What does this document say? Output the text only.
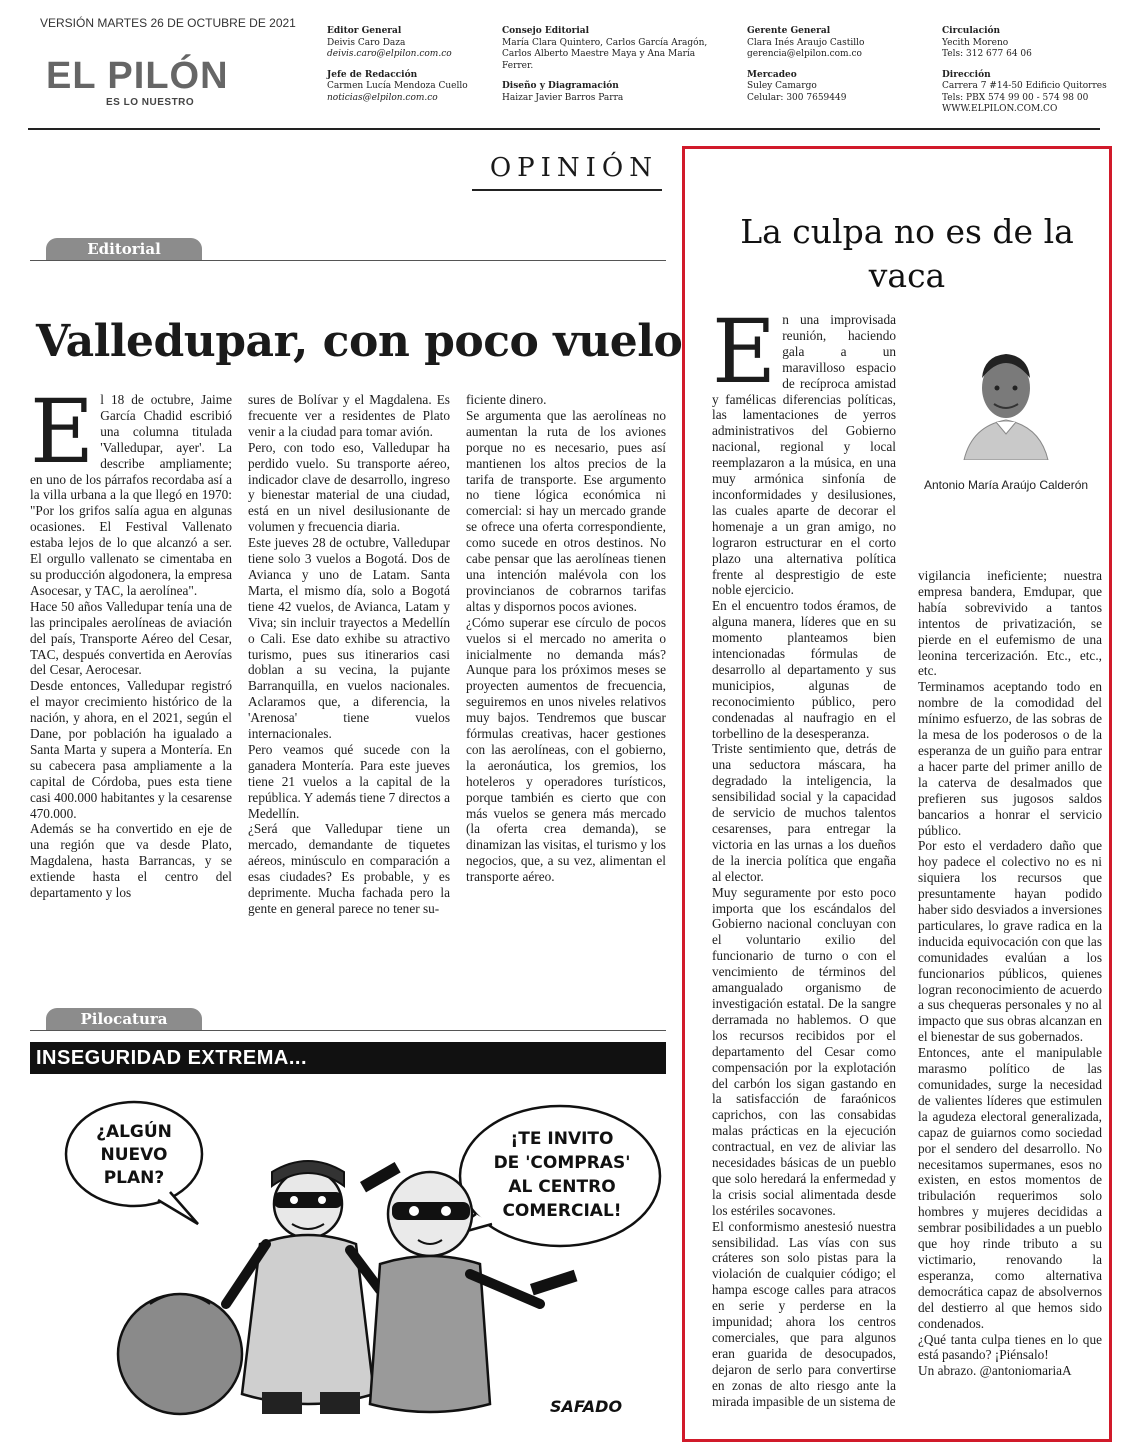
VERSIÓN MARTES 26 DE OCTUBRE DE 2021
EL PILÓN
ES LO NUESTRO
Editor General
Deivis Caro Daza
deivis.caro@elpilon.com.co
Jefe de Redacción
Carmen Lucía Mendoza Cuello
noticias@elpilon.com.co
Consejo Editorial
María Clara Quintero, Carlos García Aragón,
Carlos Alberto Maestre Maya y Ana María
Ferrer.
Diseño y Diagramación
Haizar Javier Barros Parra
Gerente General
Clara Inés Araujo Castillo
gerencia@elpilon.com.co
Mercadeo
Suley Camargo
Celular: 300 7659449
Circulación
Yecith Moreno
Tels: 312 677 64 06
Dirección
Carrera 7 #14-50 Edificio Quitorres
Tels: PBX 574 99 00 - 574 98 00
WWW.ELPILON.COM.CO
OPINIÓN
Editorial
Valledupar, con poco vuelo
E l 18 de octubre, Jaime García Chadid escribió una columna titulada 'Valledupar, ayer'. La describe ampliamente; en uno de los párrafos recordaba así a la villa urbana a la que llegó en 1970: "Por los grifos salía agua en algunas ocasiones. El Festival Vallenato estaba lejos de lo que alcanzó a ser. El orgullo vallenato se cimentaba en su producción algodonera, la empresa Asocesar, y TAC, la aerolínea".

Hace 50 años Valledupar tenía una de las principales aerolíneas de aviación del país, Transporte Aéreo del Cesar, TAC, después convertida en Aerovías del Cesar, Aerocesar.

Desde entonces, Valledupar registró el mayor crecimiento histórico de la nación, y ahora, en el 2021, según el Dane, por población ha igualado a Santa Marta y supera a Montería. En su cabecera pasa ampliamente a la capital de Córdoba, pues esta tiene casi 400.000 habitantes y la cesarense 470.000.

Además se ha convertido en eje de una región que va desde Plato, Magdalena, hasta Barrancas, y se extiende hasta el centro del departamento y los

sures de Bolívar y el Magdalena. Es frecuente ver a residentes de Plato venir a la ciudad para tomar avión.

Pero, con todo eso, Valledupar ha perdido vuelo. Su transporte aéreo, indicador clave de desarrollo, ingreso y bienestar material de una ciudad, está en un nivel desilusionante de volumen y frecuencia diaria.

Este jueves 28 de octubre, Valledupar tiene solo 3 vuelos a Bogotá. Dos de Avianca y uno de Latam. Santa Marta, el mismo día, solo a Bogotá tiene 42 vuelos, de Avianca, Latam y Viva; sin incluir trayectos a Medellín o Cali. Ese dato exhibe su atractivo turismo, pues sus itinerarios casi doblan a su vecina, la pujante Barranquilla, en vuelos nacionales. Aclaramos que, a diferencia, la 'Arenosa' tiene vuelos internacionales.

Pero veamos qué sucede con la ganadera Montería. Para este jueves tiene 21 vuelos a la capital de la república. Y además tiene 7 directos a Medellín.

¿Será que Valledupar tiene un mercado, demandante de tiquetes aéreos, minúsculo en comparación a esas ciudades? Es probable, y es deprimente. Mucha fachada pero la gente en general parece no tener su-

ficiente dinero.

Se argumenta que las aerolíneas no aumentan la ruta de los aviones porque no es necesario, pues así mantienen los altos precios de la tarifa de transporte. Ese argumento no tiene lógica económica ni comercial: si hay un mercado grande se ofrece una oferta correspondiente, como sucede en otros destinos. No cabe pensar que las aerolíneas tienen una intención malévola con los provincianos de cobrarnos tarifas altas y dispornos pocos aviones.

¿Cómo superar ese círculo de pocos vuelos si el mercado no amerita o inicialmente no demanda más? Aunque para los próximos meses se proyecten aumentos de frecuencia, seguiremos en unos niveles relativos muy bajos. Tendremos que buscar fórmulas creativas, hacer gestiones con las aerolíneas, con el gobierno, la aeronáutica, los gremios, los hoteleros y operadores turísticos, porque también es cierto que con más vuelos se genera más mercado (la oferta crea demanda), se dinamizan las visitas, el turismo y los negocios, que, a su vez, alimentan el transporte aéreo.

Pilocatura
INSEGURIDAD EXTREMA...
¿ALGÚN
NUEVO
PLAN?
¡TE INVITO
DE 'COMPRAS'
AL CENTRO
COMERCIAL!
SAFADO
La culpa no es de la vaca
Antonio María Araújo Calderón
E n una improvisada reunión, haciendo gala a un maravilloso espacio de recíproca amistad y famélicas diferencias políticas, las lamentaciones de yerros administrativos del Gobierno nacional, regional y local reemplazaron a la música, en una muy armónica sinfonía de inconformidades y desilusiones, las cuales aparte de decorar el homenaje a un gran amigo, no lograron estructurar en el corto plazo una alternativa política frente al desprestigio de este noble ejercicio.

En el encuentro todos éramos, de alguna manera, líderes que en su momento planteamos bien intencionadas fórmulas de desarrollo al departamento y sus municipios, algunas de reconocimiento público, pero condenadas al naufragio en el torbellino de la desesperanza.

Triste sentimiento que, detrás de una seductora máscara, ha degradado la inteligencia, la sensibilidad social y la capacidad de servicio de muchos talentos cesarenses, para entregar la victoria en las urnas a los dueños de la inercia política que engaña al elector.

Muy seguramente por esto poco importa que los escándalos del Gobierno nacional concluyan con el voluntario exilio del funcionario de turno o con el vencimiento de términos del amangualado organismo de investigación estatal. De la sangre derramada no hablemos. O que los recursos recibidos por el departamento del Cesar como compensación por la explotación del carbón los sigan gastando en la satisfacción de faraónicos caprichos, con las consabidas malas prácticas en la ejecución contractual, en vez de aliviar las necesidades básicas de un pueblo que solo heredará la enfermedad y la crisis social alimentada desde los estériles socavones.

El conformismo anestesió nuestra sensibilidad. Las vías con sus cráteres son solo pistas para la violación de cualquier código; el hampa escoge calles para atracos en serie y perderse en la impunidad; ahora los centros comerciales, que para algunos eran guarida de desocupados, dejaron de serlo para convertirse en zonas de alto riesgo ante la mirada impasible de un sistema de

vigilancia ineficiente; nuestra empresa bandera, Emdupar, que había sobrevivido a tantos intentos de privatización, se pierde en el eufemismo de una leonina tercerización. Etc., etc., etc.

Terminamos aceptando todo en nombre de la comodidad del mínimo esfuerzo, de las sobras de la mesa de los poderosos o de la esperanza de un guiño para entrar a hacer parte del primer anillo de la caterva de desalmados que prefieren sus jugosos saldos bancarios a honrar el servicio público.

Por esto el verdadero daño que hoy padece el colectivo no es ni siquiera los recursos que presuntamente hayan podido haber sido desviados a inversiones particulares, lo grave radica en la inducida equivocación con que las comunidades evalúan a los funcionarios públicos, quienes logran reconocimiento de acuerdo a sus chequeras personales y no al impacto que sus obras alcanzan en el bienestar de sus gobernados.

Entonces, ante el manipulable marasmo político de las comunidades, surge la necesidad de valientes líderes que estimulen la agudeza electoral generalizada, capaz de guiarnos como sociedad por el sendero del desarrollo. No necesitamos supermanes, esos no existen, en estos momentos de tribulación requerimos solo hombres y mujeres decididas a sembrar posibilidades a un pueblo que hoy rinde tributo a su victimario, renovando la esperanza, como alternativa democrática capaz de absolvernos del destierro al que hemos sido condenados.

¿Qué tanta culpa tienes en lo que está pasando? ¡Piénsalo!

Un abrazo. @antoniomariaA
